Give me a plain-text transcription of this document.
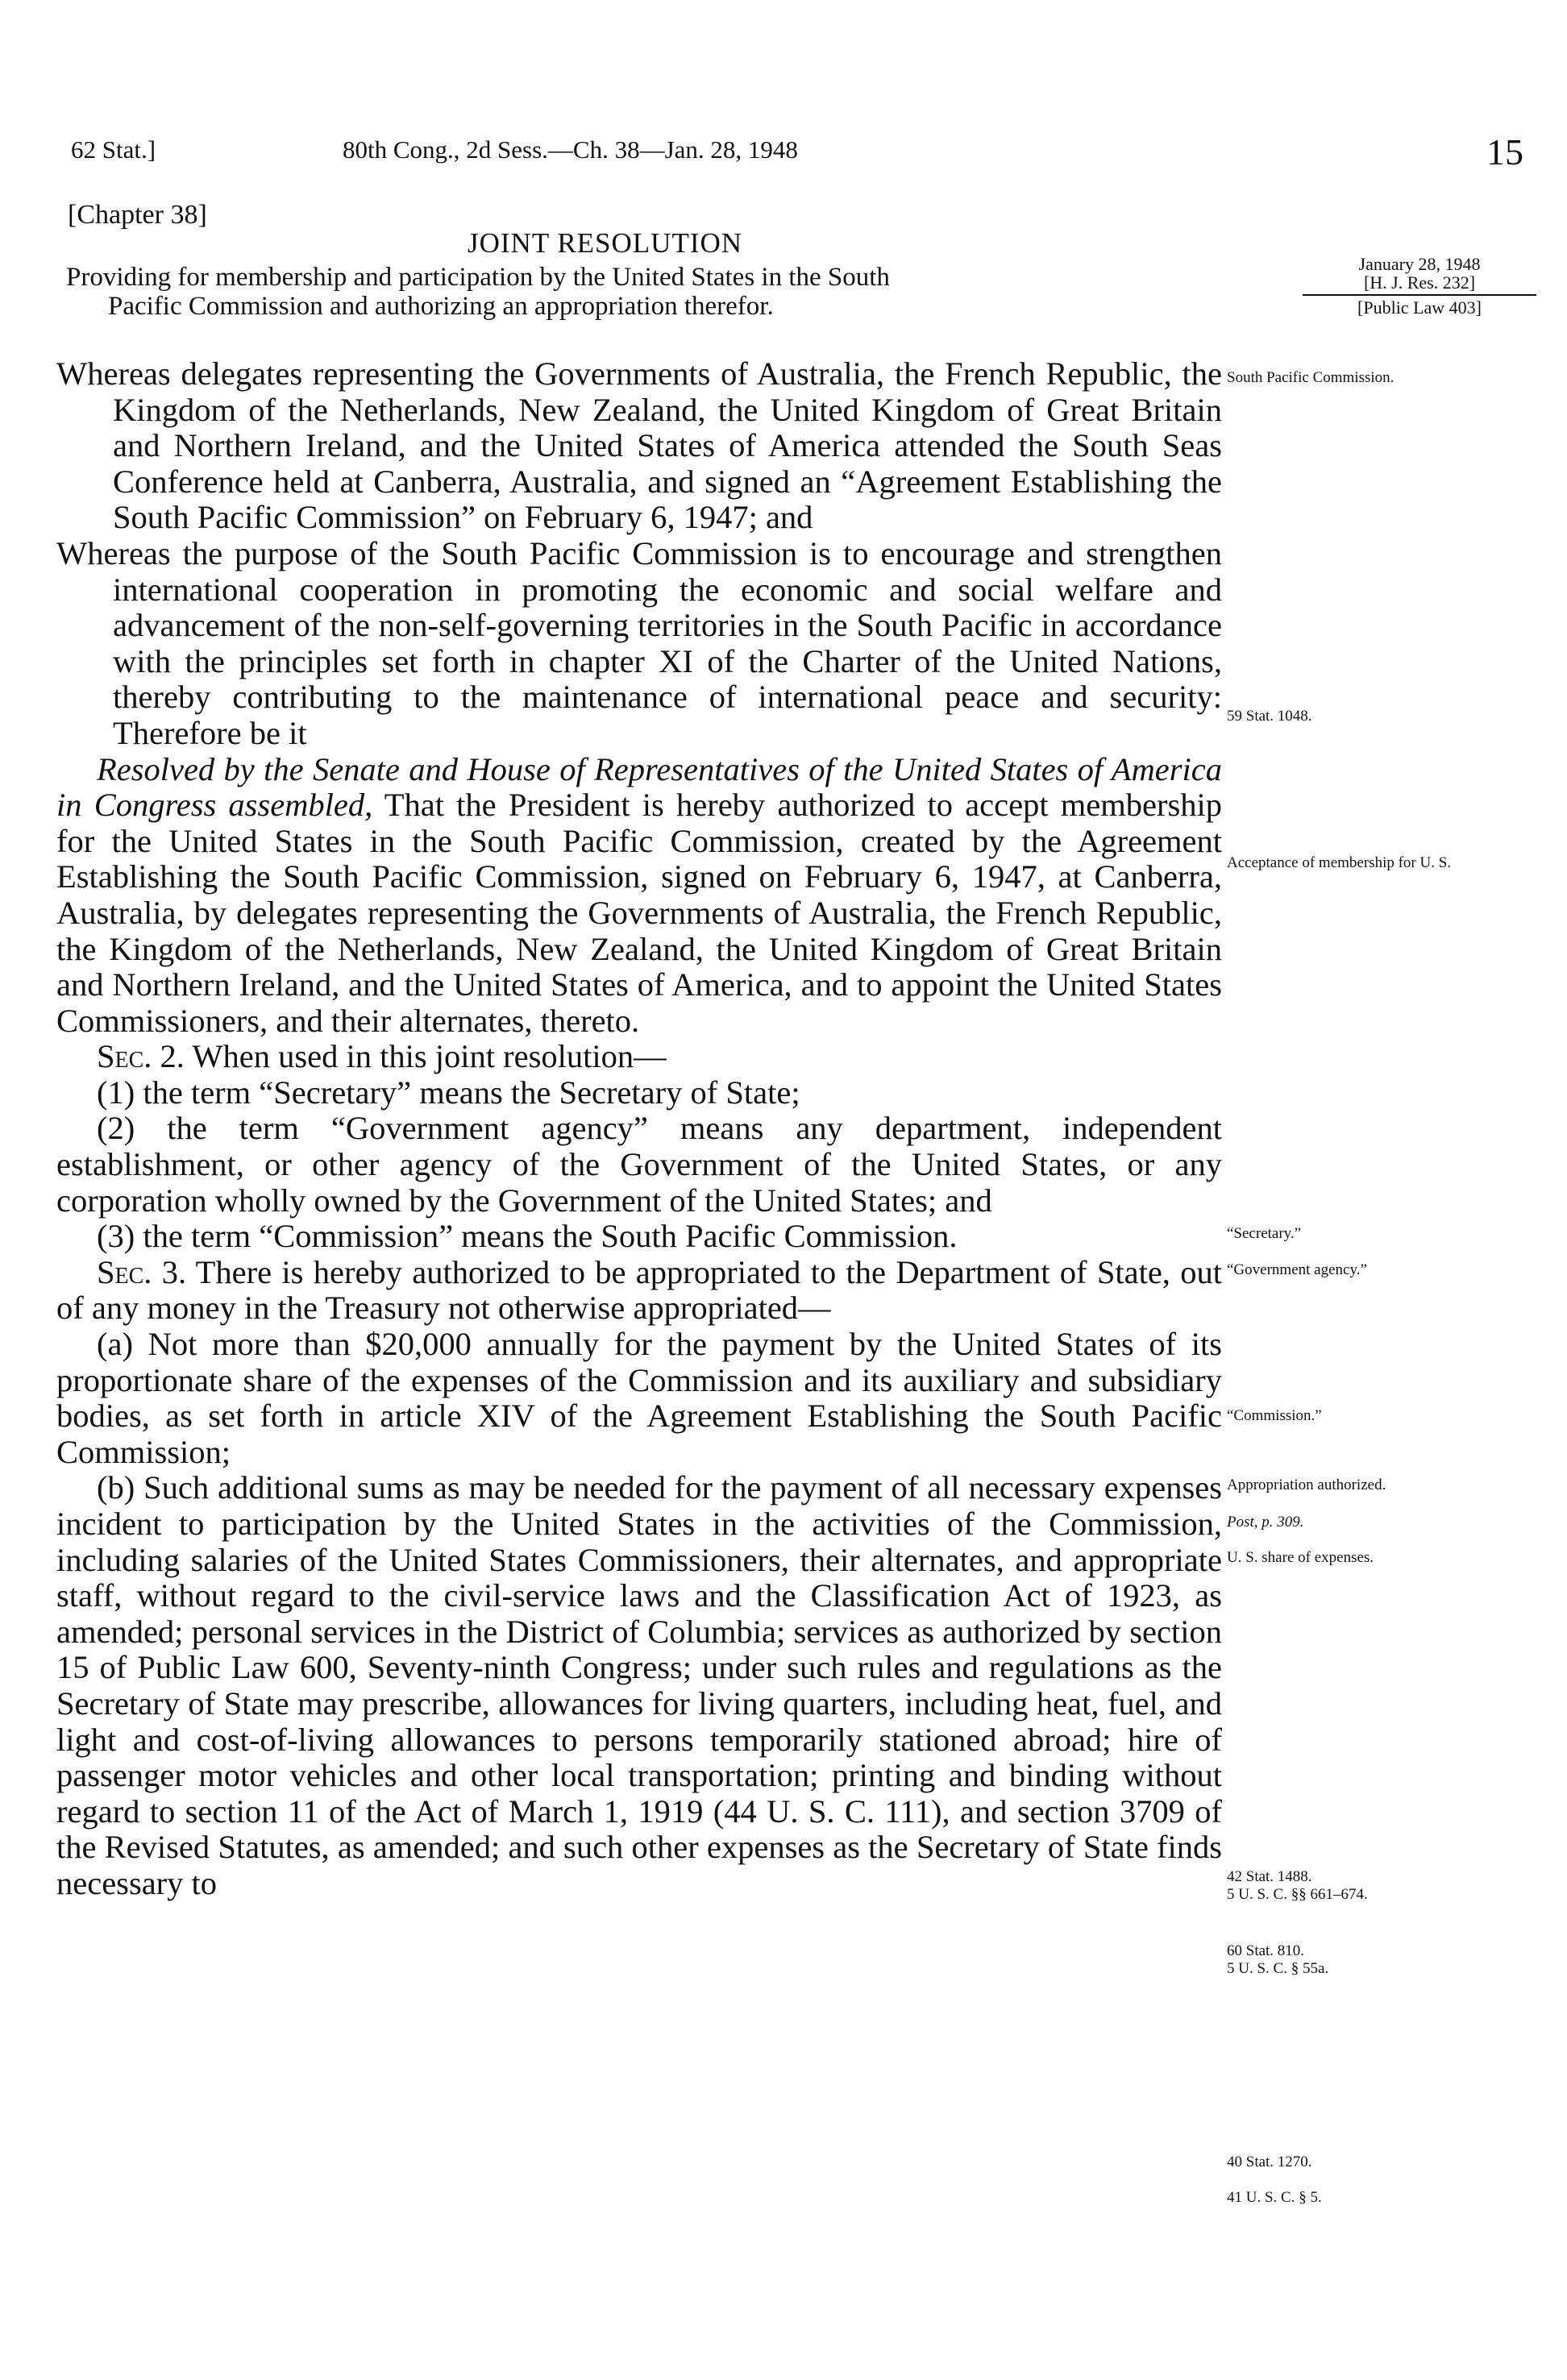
62 Stat.]	80th Cong., 2d Sess.—Ch. 38—Jan. 28, 1948	15
[Chapter 38]
JOINT RESOLUTION
Providing for membership and participation by the United States in the South
Pacific Commission and authorizing an appropriation therefor.
January 28, 1948
[H. J. Res. 232]
[Public Law 403]

Whereas delegates representing the Governments of Australia, the French Republic, the Kingdom of the Netherlands, New Zealand, the United Kingdom of Great Britain and Northern Ireland, and the United States of America attended the South Seas Conference held at Canberra, Australia, and signed an “Agreement Establishing the South Pacific Commission” on February 6, 1947; and

Whereas the purpose of the South Pacific Commission is to encourage and strengthen international cooperation in promoting the economic and social welfare and advancement of the non-self-governing territories in the South Pacific in accordance with the principles set forth in chapter XI of the Charter of the United Nations, thereby contributing to the maintenance of international peace and security: Therefore be it

Resolved by the Senate and House of Representatives of the United States of America in Congress assembled, That the President is hereby authorized to accept membership for the United States in the South Pacific Commission, created by the Agreement Establishing the South Pacific Commission, signed on February 6, 1947, at Canberra, Australia, by delegates representing the Governments of Australia, the French Republic, the Kingdom of the Netherlands, New Zealand, the United Kingdom of Great Britain and Northern Ireland, and the United States of America, and to appoint the United States Commissioners, and their alternates, thereto.

Sec. 2. When used in this joint resolution—

(1) the term “Secretary” means the Secretary of State;

(2) the term “Government agency” means any department, independent establishment, or other agency of the Government of the United States, or any corporation wholly owned by the Government of the United States; and

(3) the term “Commission” means the South Pacific Commission.

Sec. 3. There is hereby authorized to be appropriated to the Department of State, out of any money in the Treasury not otherwise appropriated—

(a) Not more than $20,000 annually for the payment by the United States of its proportionate share of the expenses of the Commission and its auxiliary and subsidiary bodies, as set forth in article XIV of the Agreement Establishing the South Pacific Commission;

(b) Such additional sums as may be needed for the payment of all necessary expenses incident to participation by the United States in the activities of the Commission, including salaries of the United States Commissioners, their alternates, and appropriate staff, without regard to the civil-service laws and the Classification Act of 1923, as amended; personal services in the District of Columbia; services as authorized by section 15 of Public Law 600, Seventy-ninth Congress; under such rules and regulations as the Secretary of State may prescribe, allowances for living quarters, including heat, fuel, and light and cost-of-living allowances to persons temporarily stationed abroad; hire of passenger motor vehicles and other local transportation; printing and binding without regard to section 11 of the Act of March 1, 1919 (44 U. S. C. 111), and section 3709 of the Revised Statutes, as amended; and such other expenses as the Secretary of State finds necessary to

South Pacific Commission.
59 Stat. 1048.
Acceptance of membership for U. S.
“Secretary.”
“Government agency.”
“Commission.”
Appropriation authorized.
Post, p. 309.
U. S. share of expenses.
42 Stat. 1488.
5 U. S. C. §§ 661–674.
60 Stat. 810.
5 U. S. C. § 55a.
40 Stat. 1270.
41 U. S. C. § 5.
